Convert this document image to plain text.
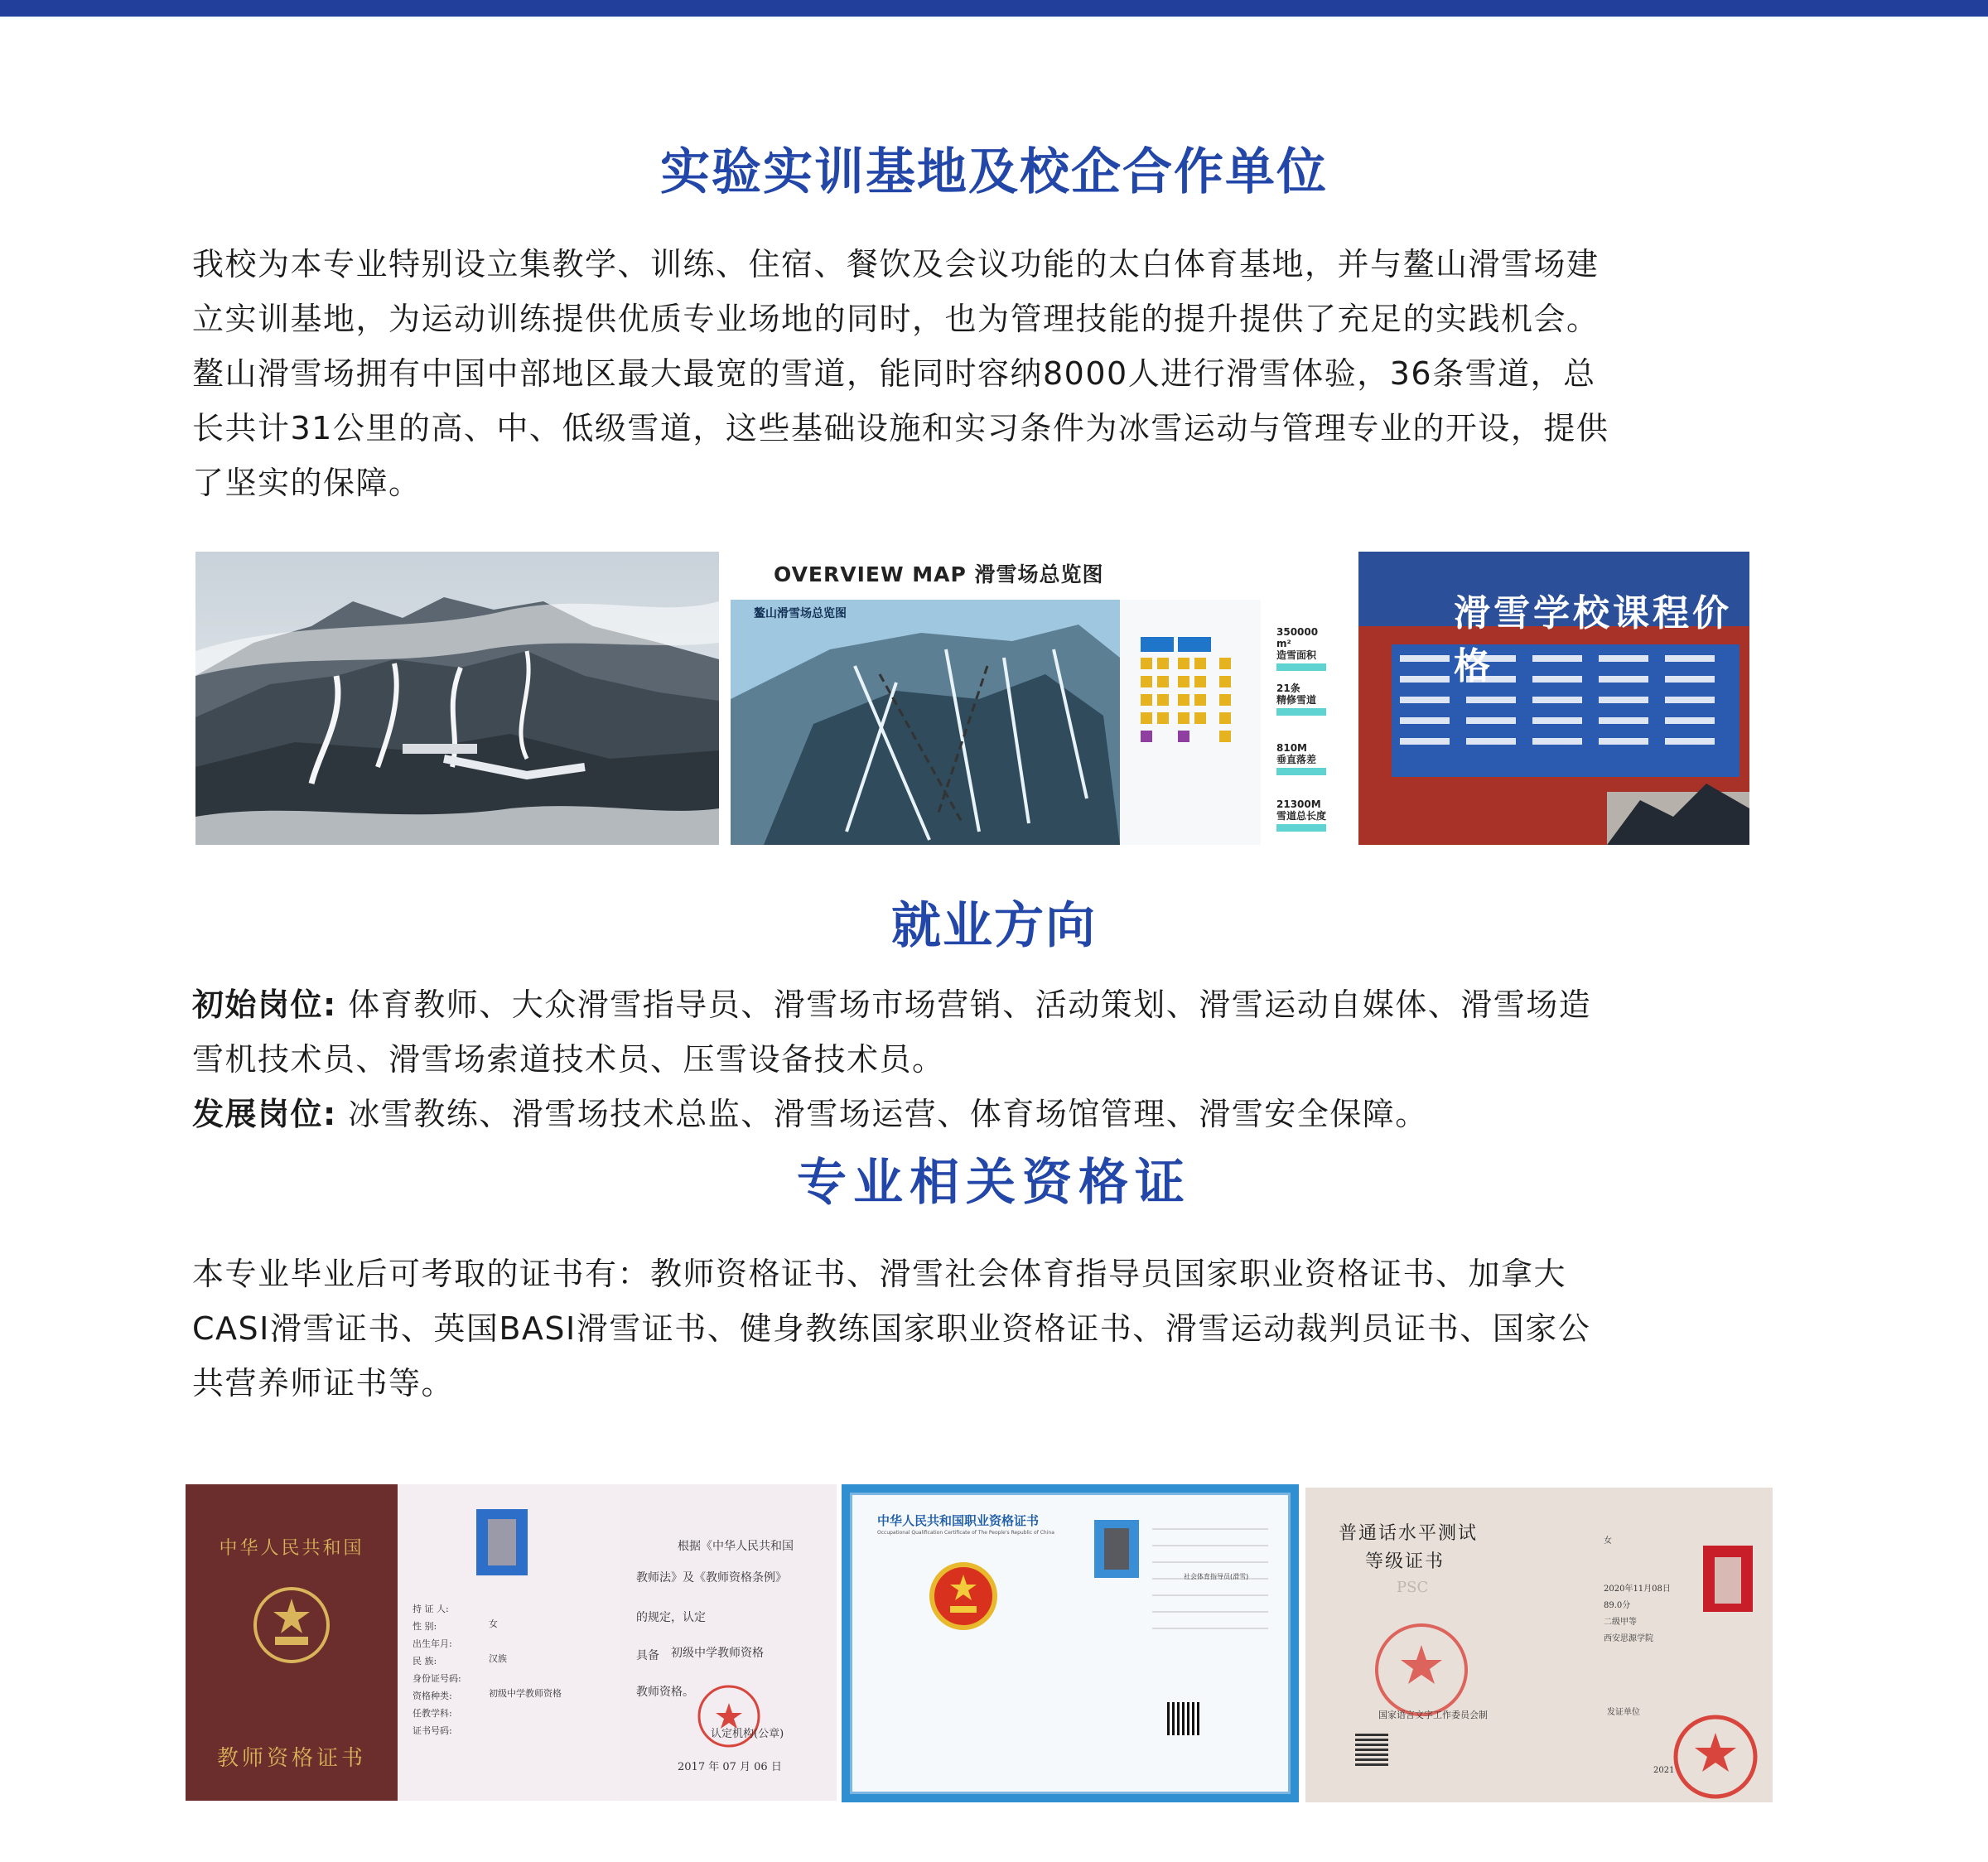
实验实训基地及校企合作单位

我校为本专业特别设立集教学、训练、住宿、餐饮及会议功能的太白体育基地，并与鳌山滑雪场建

立实训基地，为运动训练提供优质专业场地的同时，也为管理技能的提升提供了充足的实践机会。

鳌山滑雪场拥有中国中部地区最大最宽的雪道，能同时容纳8000人进行滑雪体验，36条雪道，总

长共计31公里的高、中、低级雪道，这些基础设施和实习条件为冰雪运动与管理专业的开设，提供

了坚实的保障。

OVERVIEW MAP 滑雪场总览图
鳌山滑雪场总览图
350000 m²
造雪面积
21条
精修雪道
810M
垂直落差
21300M
雪道总长度
滑雪学校课程价格
就业方向

初始岗位: 体育教师、大众滑雪指导员、滑雪场市场营销、活动策划、滑雪运动自媒体、滑雪场造

雪机技术员、滑雪场索道技术员、压雪设备技术员。

发展岗位: 冰雪教练、滑雪场技术总监、滑雪场运营、体育场馆管理、滑雪安全保障。

专业相关资格证

本专业毕业后可考取的证书有：教师资格证书、滑雪社会体育指导员国家职业资格证书、加拿大

CASI滑雪证书、英国BASI滑雪证书、健身教练国家职业资格证书、滑雪运动裁判员证书、国家公

共营养师证书等。

中华人民共和国
教师资格证书
持 证 人:
性 别:
出生年月:
民 族:
身份证号码:
资格种类:
任教学科:
证书号码:
女
汉族
初级中学教师资格
根据《中华人民共和国
教师法》及《教师资格条例》
的规定，认定
具备 初级中学教师资格
教师资格。
认定机构(公章)
2017 年 07 月 06 日
中华人民共和国职业资格证书
Occupational Qualification Certificate of The People's Republic of China
社会体育指导员(滑雪)
普通话水平测试
等级证书
PSC
国家语言文字工作委员会制
女
2020年11月08日
89.0分
二级甲等
西安思源学院
发证单位
2021
